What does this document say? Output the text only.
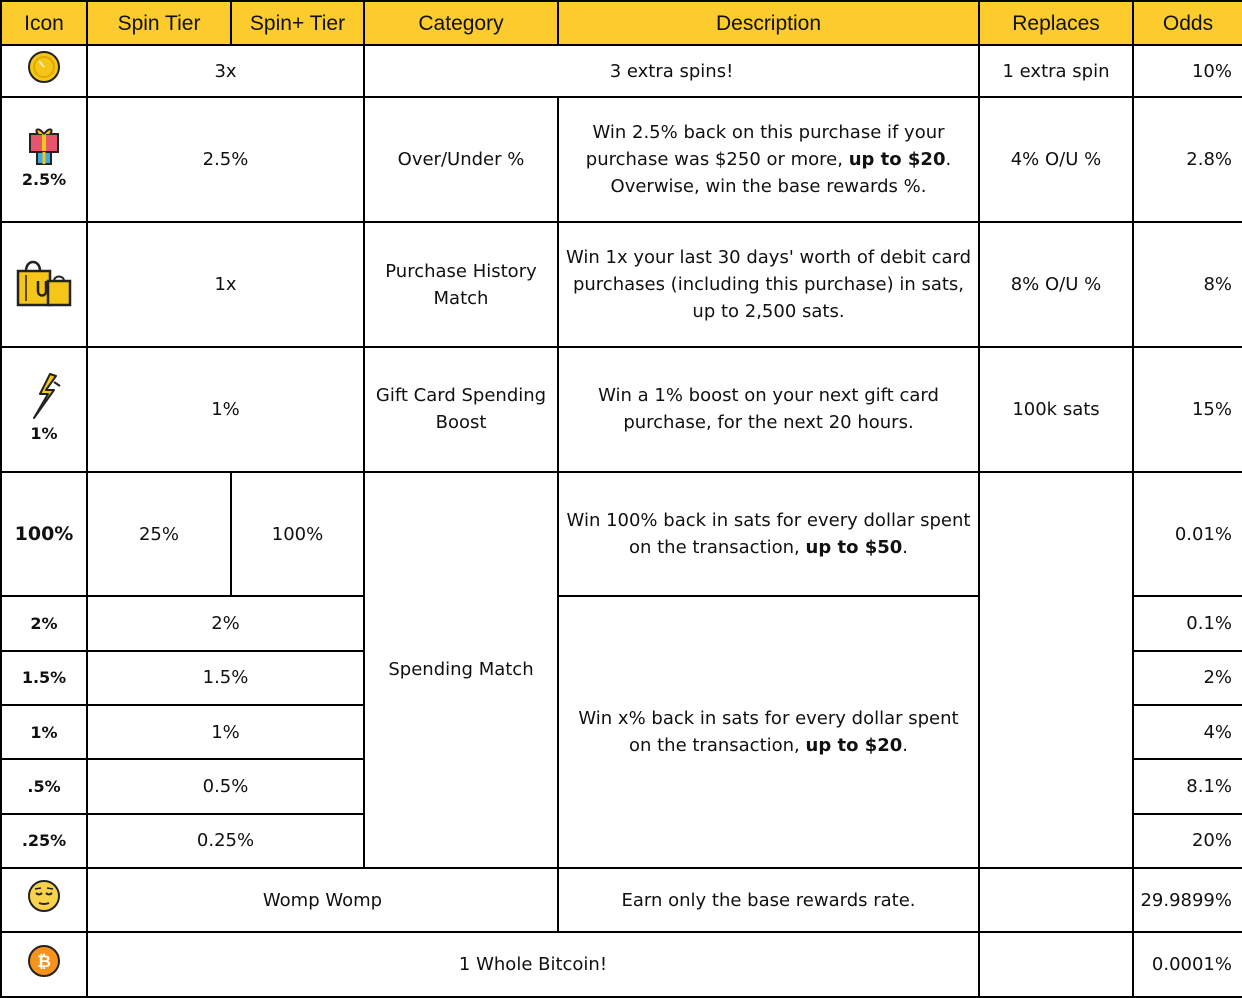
Icon	Spin Tier	Spin+ Tier	Category	Description	Replaces	Odds
	3x		3 extra spins!		1 extra spin	10%

2.5%	2.5%		Over/Under %	Win 2.5% back on this purchase if your purchase was $250 or more, up to $20. Overwise, win the base rewards %.	4% O/U %	2.8%
	1x		Purchase History Match	Win 1x your last 30 days' worth of debit card purchases (including this purchase) in sats, up to 2,500 sats.	8% O/U %	8%

1%	1%		Gift Card Spending Boost	Win a 1% boost on your next gift card purchase, for the next 20 hours.	100k sats	15%
100%	25%	100%	Spending Match	Win 100% back in sats for every dollar spent on the transaction, up to $50.		0.01%

2%	2%			Win x% back in sats for every dollar spent on the transaction, up to $20.		0.1%

1.5%	1.5%					2%

1%	1%					4%

.5%	0.5%					8.1%

.25%	0.25%					20%
	Womp Womp			Earn only the base rewards rate.		29.9899%

₿	1 Whole Bitcoin!					0.0001%
